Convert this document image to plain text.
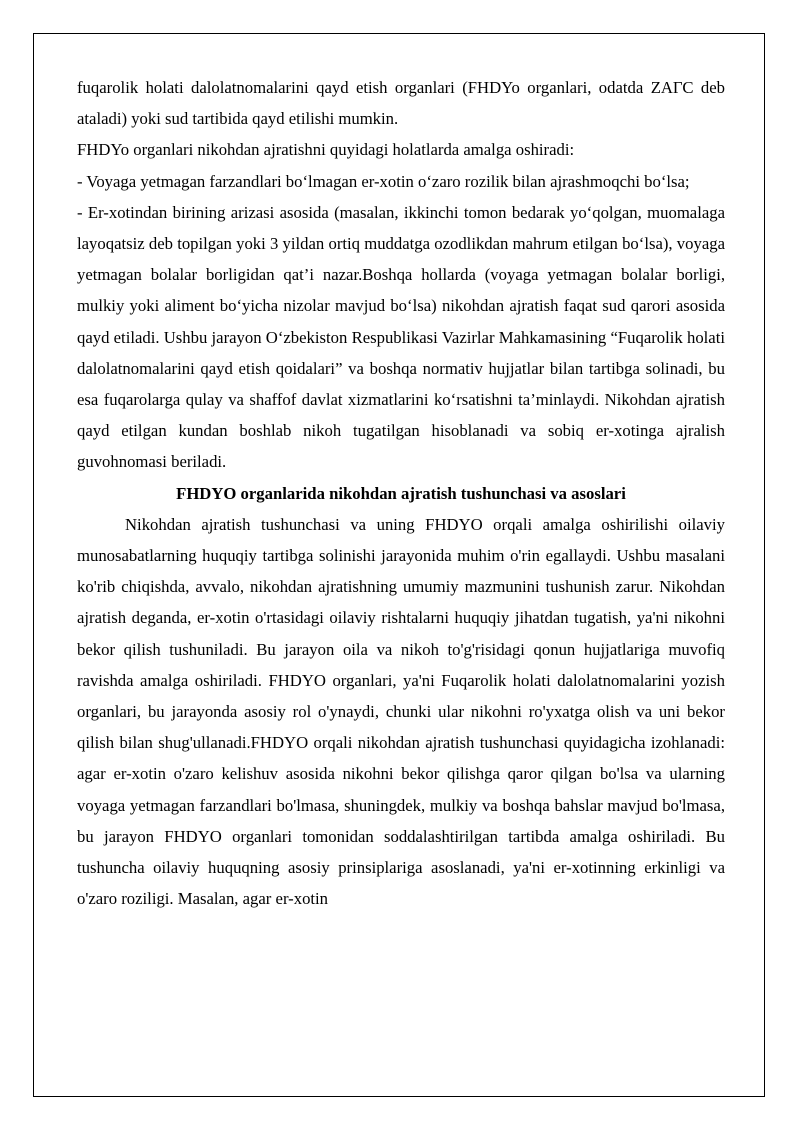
fuqarolik holati dalolatnomalarini qayd etish organlari (FHDYo organlari, odatda ZAГС deb ataladi) yoki sud tartibida qayd etilishi mumkin.

FHDYo organlari nikohdan ajratishni quyidagi holatlarda amalga oshiradi:

- Voyaga yetmagan farzandlari bo‘lmagan er-xotin o‘zaro rozilik bilan ajrashmoqchi bo‘lsa;

- Er-xotindan birining arizasi asosida (masalan, ikkinchi tomon bedarak yo‘qolgan, muomalaga layoqatsiz deb topilgan yoki 3 yildan ortiq muddatga ozodlikdan mahrum etilgan bo‘lsa), voyaga yetmagan bolalar borligidan qat’i nazar.Boshqa hollarda (voyaga yetmagan bolalar borligi, mulkiy yoki aliment bo‘yicha nizolar mavjud bo‘lsa) nikohdan ajratish faqat sud qarori asosida qayd etiladi. Ushbu jarayon O‘zbekiston Respublikasi Vazirlar Mahkamasining “Fuqarolik holati dalolatnomalarini qayd etish qoidalari” va boshqa normativ hujjatlar bilan tartibga solinadi, bu esa fuqarolarga qulay va shaffof davlat xizmatlarini ko‘rsatishni ta’minlaydi. Nikohdan ajratish qayd etilgan kundan boshlab nikoh tugatilgan hisoblanadi va sobiq er-xotinga ajralish guvohnomasi beriladi.

FHDYO organlarida nikohdan ajratish tushunchasi va asoslari

Nikohdan ajratish tushunchasi va uning FHDYO orqali amalga oshirilishi oilaviy munosabatlarning huquqiy tartibga solinishi jarayonida muhim o'rin egallaydi. Ushbu masalani ko'rib chiqishda, avvalo, nikohdan ajratishning umumiy mazmunini tushunish zarur. Nikohdan ajratish deganda, er-xotin o'rtasidagi oilaviy rishtalarni huquqiy jihatdan tugatish, ya'ni nikohni bekor qilish tushuniladi. Bu jarayon oila va nikoh to'g'risidagi qonun hujjatlariga muvofiq ravishda amalga oshiriladi. FHDYO organlari, ya'ni Fuqarolik holati dalolatnomalarini yozish organlari, bu jarayonda asosiy rol o'ynaydi, chunki ular nikohni ro'yxatga olish va uni bekor qilish bilan shug'ullanadi.FHDYO orqali nikohdan ajratish tushunchasi quyidagicha izohlanadi: agar er-xotin o'zaro kelishuv asosida nikohni bekor qilishga qaror qilgan bo'lsa va ularning voyaga yetmagan farzandlari bo'lmasa, shuningdek, mulkiy va boshqa bahslar mavjud bo'lmasa, bu jarayon FHDYO organlari tomonidan soddalashtirilgan tartibda amalga oshiriladi. Bu tushuncha oilaviy huquqning asosiy prinsiplariga asoslanadi, ya'ni er-xotinning erkinligi va o'zaro roziligi. Masalan, agar er-xotin
